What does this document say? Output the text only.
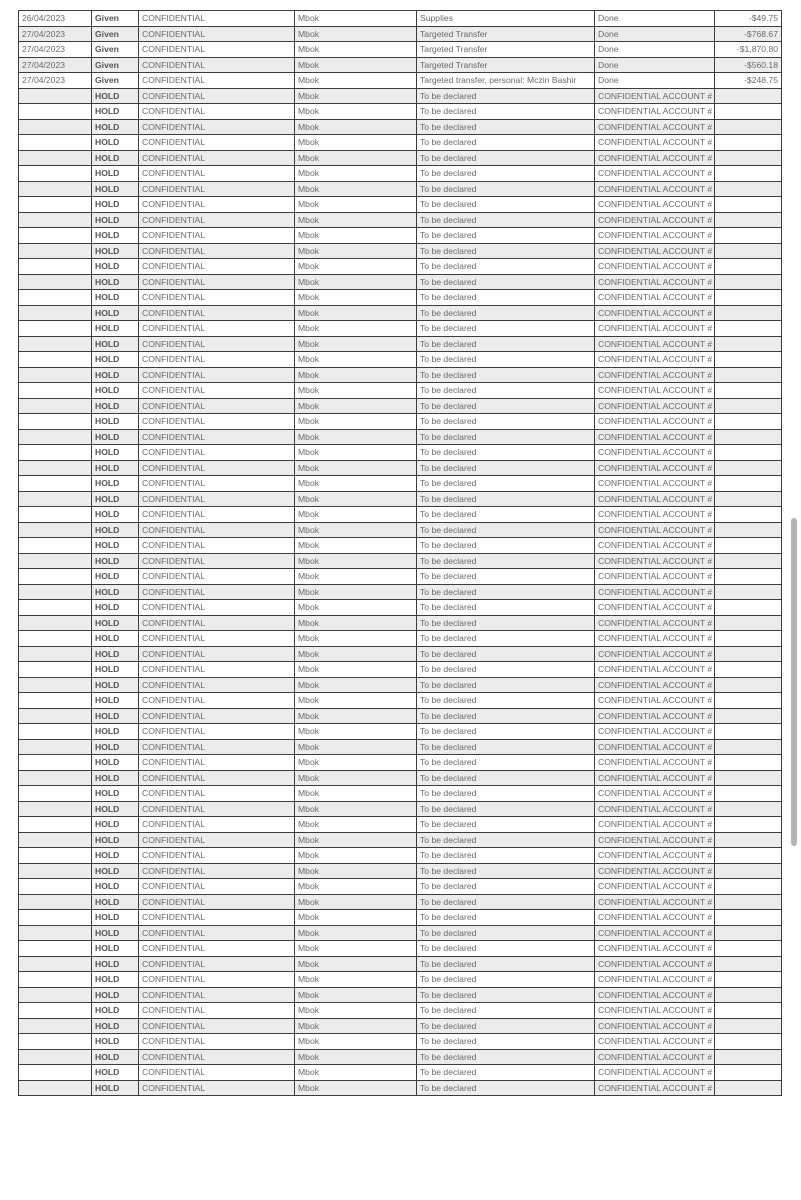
26/04/2023	Given	CONFIDENTIAL	Mbok	Supplies	Done	-$49.75
27/04/2023	Given	CONFIDENTIAL	Mbok	Targeted Transfer	Done	-$768.67
27/04/2023	Given	CONFIDENTIAL	Mbok	Targeted Transfer	Done	-$1,870.80
27/04/2023	Given	CONFIDENTIAL	Mbok	Targeted Transfer	Done	-$560.18
27/04/2023	Given	CONFIDENTIAL	Mbok	Targeted transfer, personal: Mczin Bashir	Done	-$248.75
	HOLD	CONFIDENTIAL	Mbok	To be declared	CONFIDENTIAL ACCOUNT #	
	HOLD	CONFIDENTIAL	Mbok	To be declared	CONFIDENTIAL ACCOUNT #	
	HOLD	CONFIDENTIAL	Mbok	To be declared	CONFIDENTIAL ACCOUNT #	
	HOLD	CONFIDENTIAL	Mbok	To be declared	CONFIDENTIAL ACCOUNT #	
	HOLD	CONFIDENTIAL	Mbok	To be declared	CONFIDENTIAL ACCOUNT #	
	HOLD	CONFIDENTIAL	Mbok	To be declared	CONFIDENTIAL ACCOUNT #	
	HOLD	CONFIDENTIAL	Mbok	To be declared	CONFIDENTIAL ACCOUNT #	
	HOLD	CONFIDENTIAL	Mbok	To be declared	CONFIDENTIAL ACCOUNT #	
	HOLD	CONFIDENTIAL	Mbok	To be declared	CONFIDENTIAL ACCOUNT #	
	HOLD	CONFIDENTIAL	Mbok	To be declared	CONFIDENTIAL ACCOUNT #	
	HOLD	CONFIDENTIAL	Mbok	To be declared	CONFIDENTIAL ACCOUNT #	
	HOLD	CONFIDENTIAL	Mbok	To be declared	CONFIDENTIAL ACCOUNT #	
	HOLD	CONFIDENTIAL	Mbok	To be declared	CONFIDENTIAL ACCOUNT #	
	HOLD	CONFIDENTIAL	Mbok	To be declared	CONFIDENTIAL ACCOUNT #	
	HOLD	CONFIDENTIAL	Mbok	To be declared	CONFIDENTIAL ACCOUNT #	
	HOLD	CONFIDENTIAL	Mbok	To be declared	CONFIDENTIAL ACCOUNT #	
	HOLD	CONFIDENTIAL	Mbok	To be declared	CONFIDENTIAL ACCOUNT #	
	HOLD	CONFIDENTIAL	Mbok	To be declared	CONFIDENTIAL ACCOUNT #	
	HOLD	CONFIDENTIAL	Mbok	To be declared	CONFIDENTIAL ACCOUNT #	
	HOLD	CONFIDENTIAL	Mbok	To be declared	CONFIDENTIAL ACCOUNT #	
	HOLD	CONFIDENTIAL	Mbok	To be declared	CONFIDENTIAL ACCOUNT #	
	HOLD	CONFIDENTIAL	Mbok	To be declared	CONFIDENTIAL ACCOUNT #	
	HOLD	CONFIDENTIAL	Mbok	To be declared	CONFIDENTIAL ACCOUNT #	
	HOLD	CONFIDENTIAL	Mbok	To be declared	CONFIDENTIAL ACCOUNT #	
	HOLD	CONFIDENTIAL	Mbok	To be declared	CONFIDENTIAL ACCOUNT #	
	HOLD	CONFIDENTIAL	Mbok	To be declared	CONFIDENTIAL ACCOUNT #	
	HOLD	CONFIDENTIAL	Mbok	To be declared	CONFIDENTIAL ACCOUNT #	
	HOLD	CONFIDENTIAL	Mbok	To be declared	CONFIDENTIAL ACCOUNT #	
	HOLD	CONFIDENTIAL	Mbok	To be declared	CONFIDENTIAL ACCOUNT #	
	HOLD	CONFIDENTIAL	Mbok	To be declared	CONFIDENTIAL ACCOUNT #	
	HOLD	CONFIDENTIAL	Mbok	To be declared	CONFIDENTIAL ACCOUNT #	
	HOLD	CONFIDENTIAL	Mbok	To be declared	CONFIDENTIAL ACCOUNT #	
	HOLD	CONFIDENTIAL	Mbok	To be declared	CONFIDENTIAL ACCOUNT #	
	HOLD	CONFIDENTIAL	Mbok	To be declared	CONFIDENTIAL ACCOUNT #	
	HOLD	CONFIDENTIAL	Mbok	To be declared	CONFIDENTIAL ACCOUNT #	
	HOLD	CONFIDENTIAL	Mbok	To be declared	CONFIDENTIAL ACCOUNT #	
	HOLD	CONFIDENTIAL	Mbok	To be declared	CONFIDENTIAL ACCOUNT #	
	HOLD	CONFIDENTIAL	Mbok	To be declared	CONFIDENTIAL ACCOUNT #	
	HOLD	CONFIDENTIAL	Mbok	To be declared	CONFIDENTIAL ACCOUNT #	
	HOLD	CONFIDENTIAL	Mbok	To be declared	CONFIDENTIAL ACCOUNT #	
	HOLD	CONFIDENTIAL	Mbok	To be declared	CONFIDENTIAL ACCOUNT #	
	HOLD	CONFIDENTIAL	Mbok	To be declared	CONFIDENTIAL ACCOUNT #	
	HOLD	CONFIDENTIAL	Mbok	To be declared	CONFIDENTIAL ACCOUNT #	
	HOLD	CONFIDENTIAL	Mbok	To be declared	CONFIDENTIAL ACCOUNT #	
	HOLD	CONFIDENTIAL	Mbok	To be declared	CONFIDENTIAL ACCOUNT #	
	HOLD	CONFIDENTIAL	Mbok	To be declared	CONFIDENTIAL ACCOUNT #	
	HOLD	CONFIDENTIAL	Mbok	To be declared	CONFIDENTIAL ACCOUNT #	
	HOLD	CONFIDENTIAL	Mbok	To be declared	CONFIDENTIAL ACCOUNT #	
	HOLD	CONFIDENTIAL	Mbok	To be declared	CONFIDENTIAL ACCOUNT #	
	HOLD	CONFIDENTIAL	Mbok	To be declared	CONFIDENTIAL ACCOUNT #	
	HOLD	CONFIDENTIAL	Mbok	To be declared	CONFIDENTIAL ACCOUNT #	
	HOLD	CONFIDENTIAL	Mbok	To be declared	CONFIDENTIAL ACCOUNT #	
	HOLD	CONFIDENTIAL	Mbok	To be declared	CONFIDENTIAL ACCOUNT #	
	HOLD	CONFIDENTIAL	Mbok	To be declared	CONFIDENTIAL ACCOUNT #	
	HOLD	CONFIDENTIAL	Mbok	To be declared	CONFIDENTIAL ACCOUNT #	
	HOLD	CONFIDENTIAL	Mbok	To be declared	CONFIDENTIAL ACCOUNT #	
	HOLD	CONFIDENTIAL	Mbok	To be declared	CONFIDENTIAL ACCOUNT #	
	HOLD	CONFIDENTIAL	Mbok	To be declared	CONFIDENTIAL ACCOUNT #	
	HOLD	CONFIDENTIAL	Mbok	To be declared	CONFIDENTIAL ACCOUNT #	
	HOLD	CONFIDENTIAL	Mbok	To be declared	CONFIDENTIAL ACCOUNT #	
	HOLD	CONFIDENTIAL	Mbok	To be declared	CONFIDENTIAL ACCOUNT #	
	HOLD	CONFIDENTIAL	Mbok	To be declared	CONFIDENTIAL ACCOUNT #	
	HOLD	CONFIDENTIAL	Mbok	To be declared	CONFIDENTIAL ACCOUNT #	
	HOLD	CONFIDENTIAL	Mbok	To be declared	CONFIDENTIAL ACCOUNT #	
	HOLD	CONFIDENTIAL	Mbok	To be declared	CONFIDENTIAL ACCOUNT #	
